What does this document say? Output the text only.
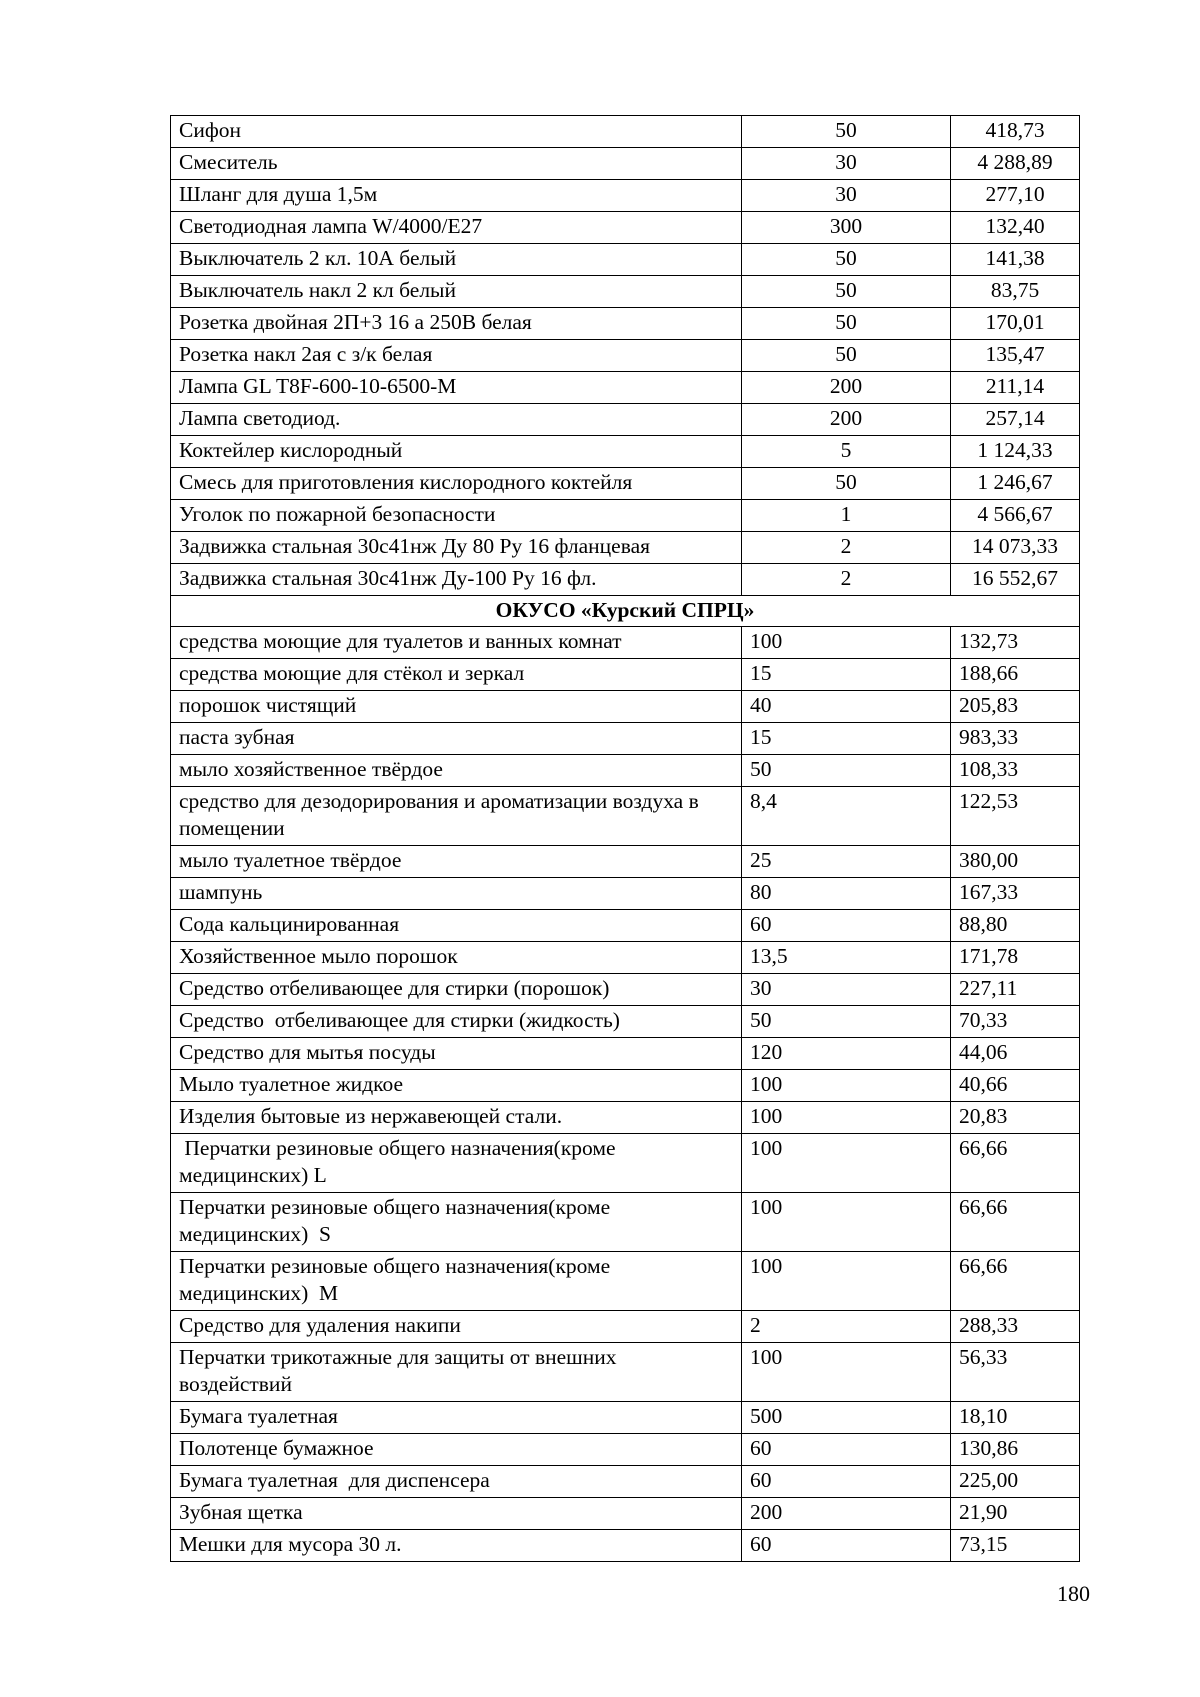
Сифон	50	418,73
Смеситель	30	4 288,89
Шланг для душа 1,5м	30	277,10
Светодиодная лампа W/4000/E27	300	132,40
Выключатель 2 кл. 10А белый	50	141,38
Выключатель накл 2 кл белый	50	83,75
Розетка двойная 2П+3 16 а 250В белая	50	170,01
Розетка накл 2ая с з/к белая	50	135,47
Лампа GL T8F-600-10-6500-M	200	211,14
Лампа светодиод.	200	257,14
Коктейлер кислородный	5	1 124,33
Смесь для приготовления кислородного коктейля	50	1 246,67
Уголок по пожарной безопасности	1	4 566,67
Задвижка стальная 30с41нж Ду 80 Ру 16 фланцевая	2	14 073,33
Задвижка стальная 30с41нж Ду-100 Ру 16 фл.	2	16 552,67
ОКУСО «Курский СПРЦ»		
средства моющие для туалетов и ванных комнат	100	132,73
средства моющие для стёкол и зеркал	15	188,66
порошок чистящий	40	205,83
паста зубная	15	983,33
мыло хозяйственное твёрдое	50	108,33
средство для дезодорирования и ароматизации воздуха в помещении	8,4	122,53
мыло туалетное твёрдое	25	380,00
шампунь	80	167,33
Сода кальцинированная	60	88,80
Хозяйственное мыло порошок	13,5	171,78
Средство отбеливающее для стирки (порошок)	30	227,11
Средство  отбеливающее для стирки (жидкость)	50	70,33
Средство для мытья посуды	120	44,06
Мыло туалетное жидкое	100	40,66
Изделия бытовые из нержавеющей стали.	100	20,83
Перчатки резиновые общего назначения(кроме медицинских) L	100	66,66
Перчатки резиновые общего назначения(кроме медицинских)  S	100	66,66
Перчатки резиновые общего назначения(кроме медицинских)  M	100	66,66
Средство для удаления накипи	2	288,33
Перчатки трикотажные для защиты от внешних воздействий	100	56,33
Бумага туалетная	500	18,10
Полотенце бумажное	60	130,86
Бумага туалетная  для диспенсера	60	225,00
Зубная щетка	200	21,90
Мешки для мусора 30 л.	60	73,15
180
